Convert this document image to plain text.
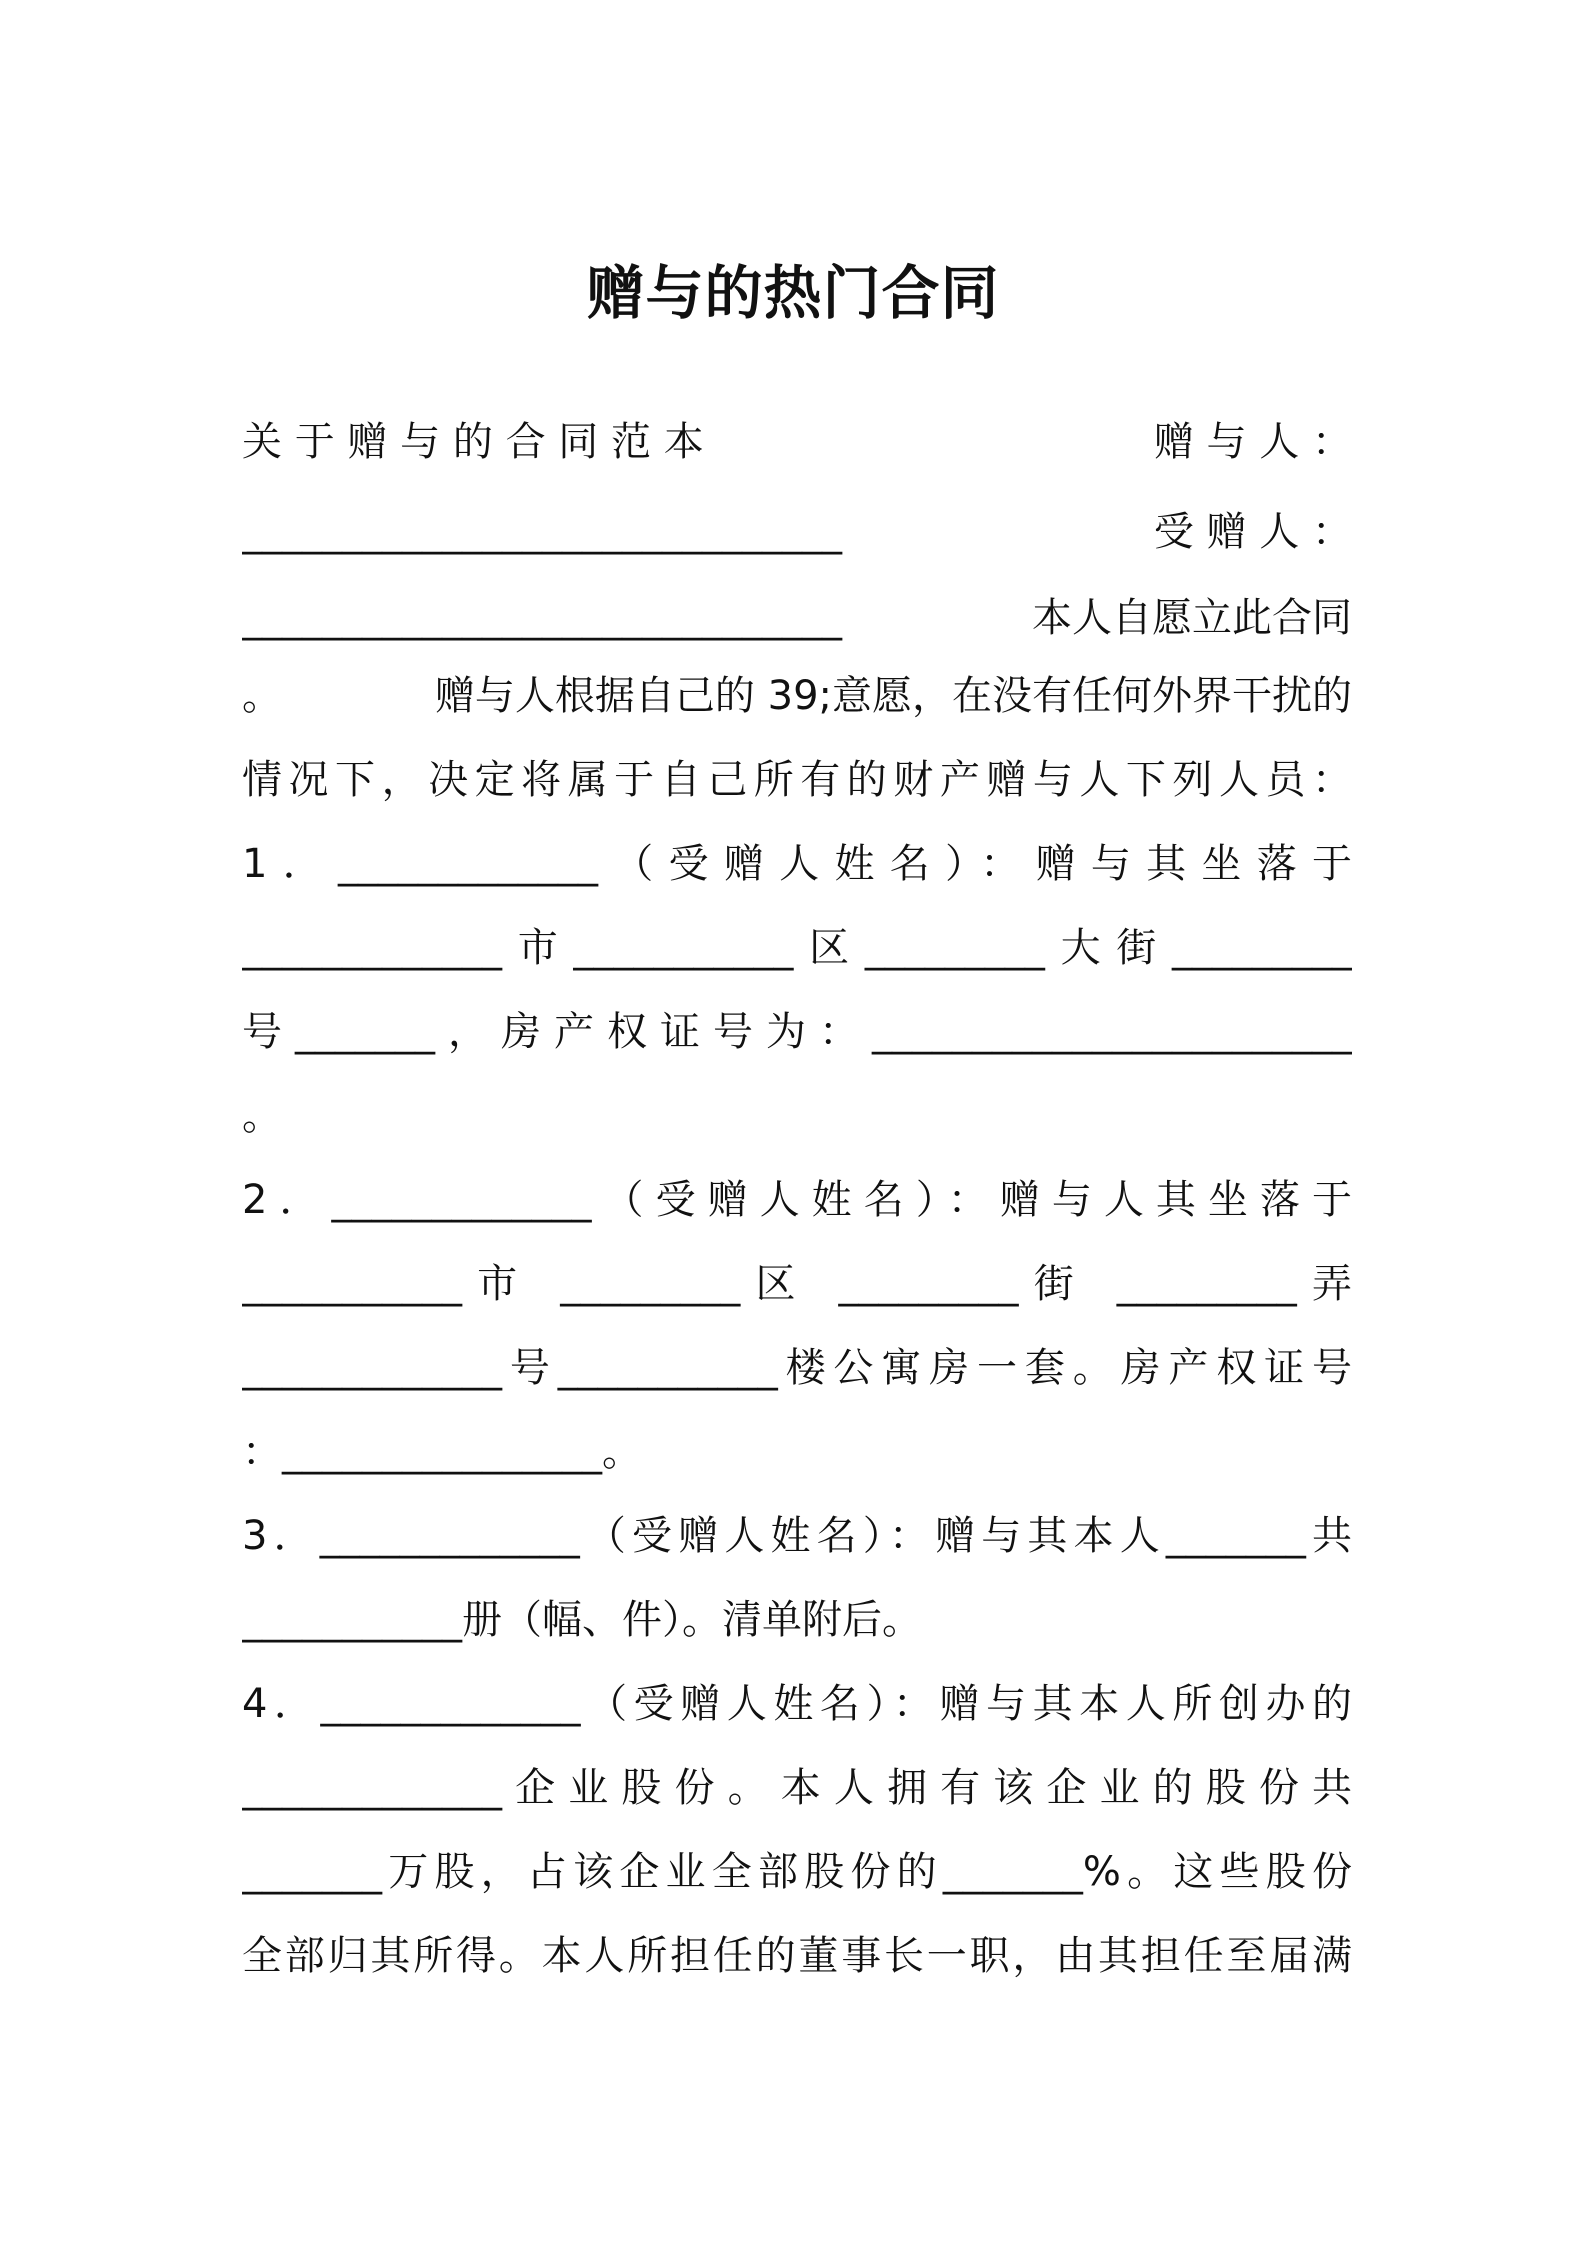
赠与的热门合同
关 于 赠 与 的 合 同 范 本	赠 与 人 ：
______________________________	受 赠 人 ：
______________________________	本人自愿立此合同
。	赠与人根据自己的 39;意愿，在没有任何外界干扰的
情况下，决定将属于自己所有的财产赠与人下列人员：
1．_____________（受赠人姓名）：赠与其坐落于
_____________市___________区_________大街_________
号_______，房产权证号为：________________________
。
2．_____________（受赠人姓名）：赠与人其坐落于
___________市 _________区 _________街 _________弄
_____________号___________楼公寓房一套。房产权证号
：________________。
3．_____________（受赠人姓名）：赠与其本人_______共
___________册（幅、件）。清单附后。
4．_____________（受赠人姓名）：赠与其本人所创办的
_____________企业股份。本人拥有该企业的股份共
_______万股，占该企业全部股份的_______%。这些股份
全部归其所得。本人所担任的董事长一职，由其担任至届满
